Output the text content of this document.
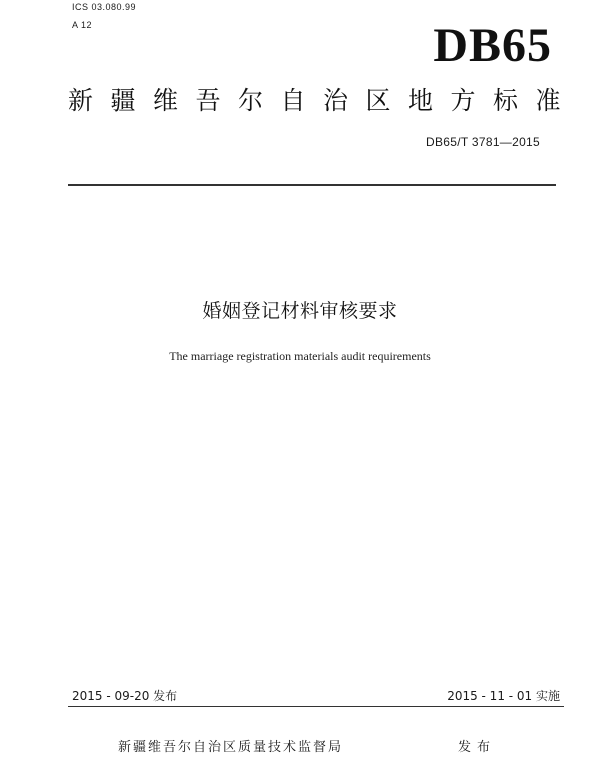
ICS 03.080.99
A 12	DB65
新疆维吾尔自治区地方标准
DB65/T 3781—2015
婚姻登记材料审核要求
The marriage registration materials audit requirements
2015 - 09-20 发布	2015 - 11 - 01 实施
新疆维吾尔自治区质量技术监督局	发布
